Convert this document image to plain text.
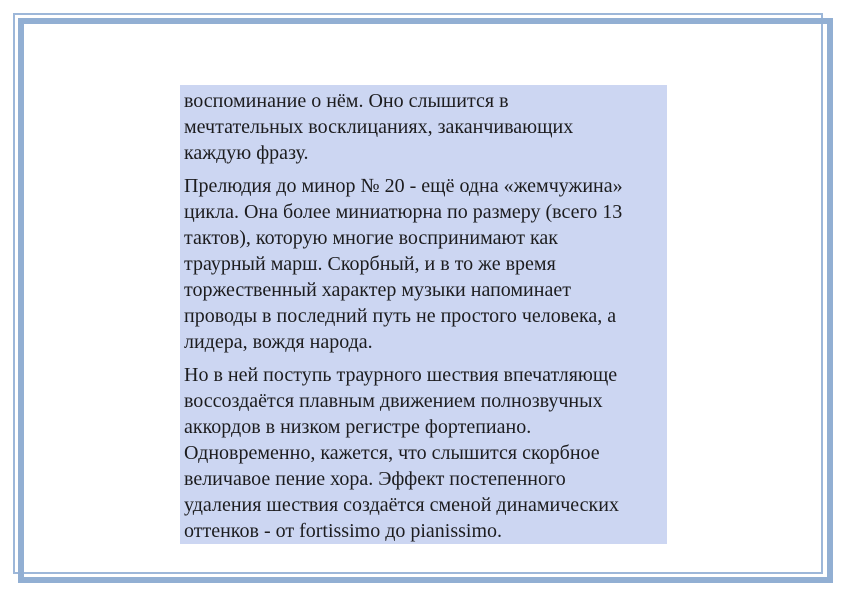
воспоминание о нём. Оно слышится в
мечтательных восклицаниях, заканчивающих
каждую фразу.
Прелюдия до минор № 20 - ещё одна «жемчужина»
цикла. Она более миниатюрна по размеру (всего 13
тактов), которую многие воспринимают как
траурный марш. Скорбный, и в то же время
торжественный характер музыки напоминает
проводы в последний путь не простого человека, а
лидера, вождя народа.
Но в ней поступь траурного шествия впечатляюще
воссоздаётся плавным движением полнозвучных
аккордов в низком регистре фортепиано.
Одновременно, кажется, что слышится скорбное
величавое пение хора. Эффект постепенного
удаления шествия создаётся сменой динамических
оттенков - от fortissimo до pianissimo.
